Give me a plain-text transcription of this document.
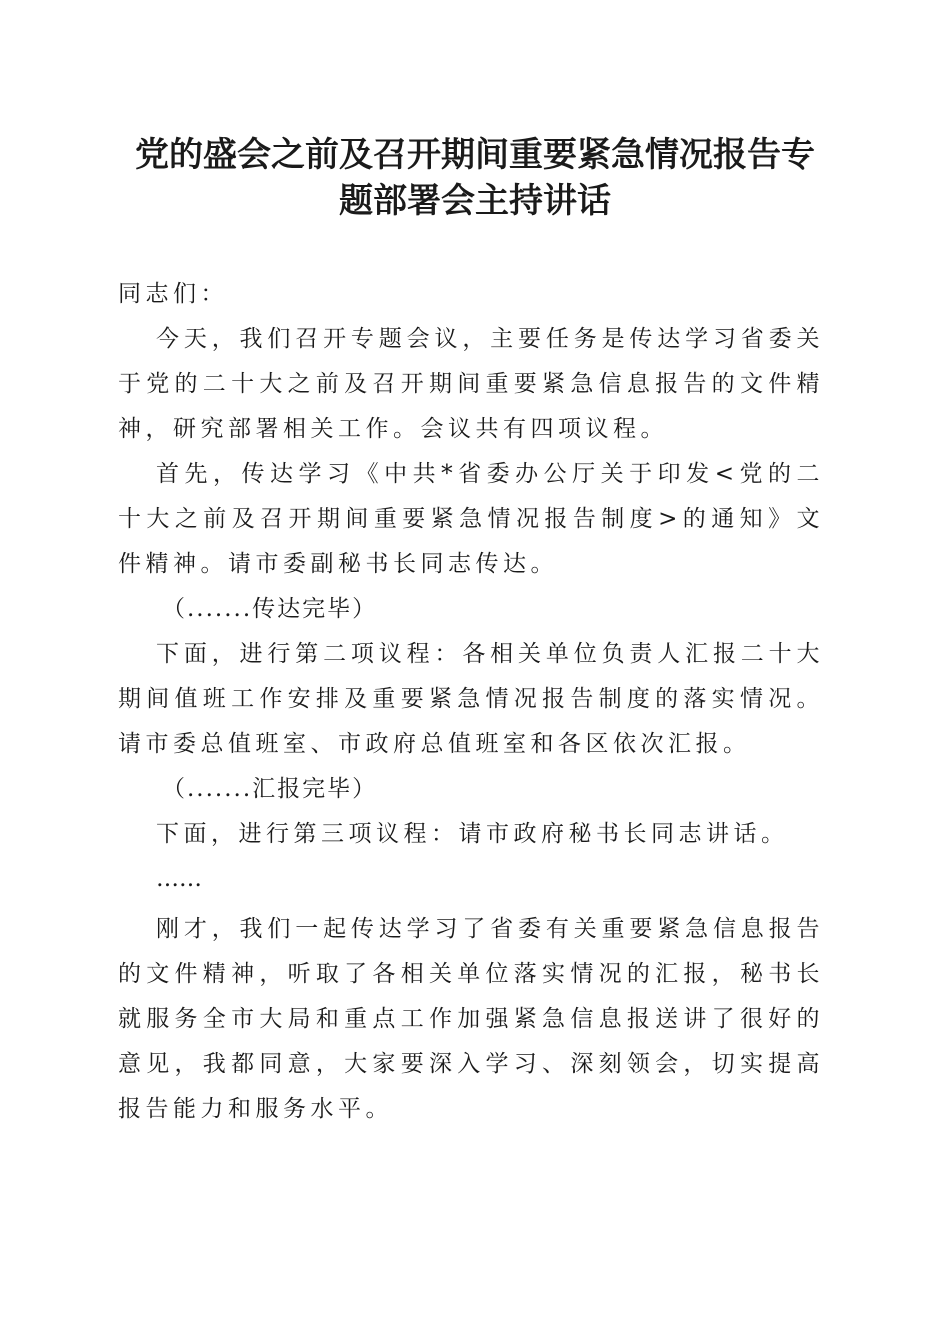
党的盛会之前及召开期间重要紧急情况报告专
题部署会主持讲话

同志们：

今天，我们召开专题会议，主要任务是传达学习省委关于党的二十大之前及召开期间重要紧急信息报告的文件精神，研究部署相关工作。会议共有四项议程。

首先，传达学习《中共*省委办公厅关于印发<党的二十大之前及召开期间重要紧急情况报告制度>的通知》文件精神。请市委副秘书长同志传达。

（.......传达完毕）

下面，进行第二项议程：各相关单位负责人汇报二十大期间值班工作安排及重要紧急情况报告制度的落实情况。请市委总值班室、市政府总值班室和各区依次汇报。

（.......汇报完毕）

下面，进行第三项议程：请市政府秘书长同志讲话。

……

刚才，我们一起传达学习了省委有关重要紧急信息报告的文件精神，听取了各相关单位落实情况的汇报，秘书长就服务全市大局和重点工作加强紧急信息报送讲了很好的意见，我都同意，大家要深入学习、深刻领会，切实提高报告能力和服务水平。
